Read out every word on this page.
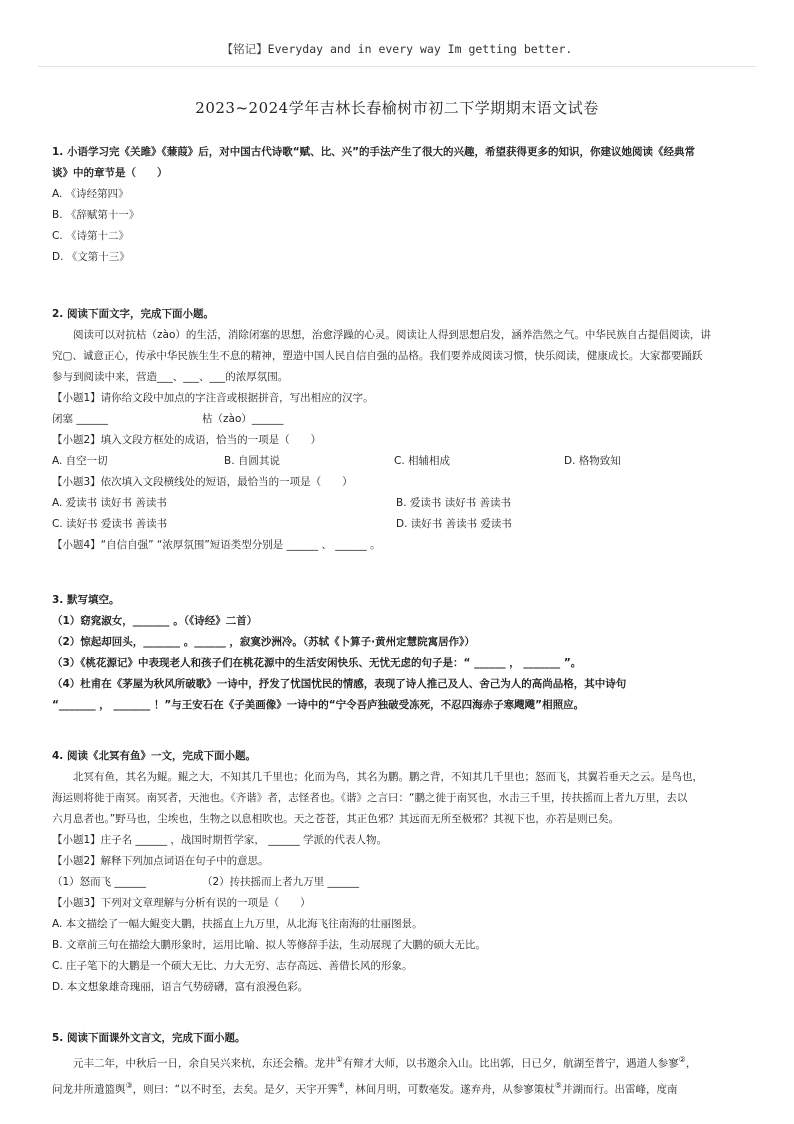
【铭记】Everyday and in every way Im getting better.
2023~2024学年吉林长春榆树市初二下学期期末语文试卷
1. 小语学习完《关雎》《蒹葭》后，对中国古代诗歌“赋、比、兴”的手法产生了很大的兴趣，希望获得更多的知识，你建议她阅读《经典常
谈》中的章节是（　　）
A. 《诗经第四》
B. 《辞赋第十一》
C. 《诗第十二》
D. 《文第十三》
2. 阅读下面文字，完成下面小题。
阅读可以对抗枯（zào）的生活，消除闭塞的思想，治愈浮躁的心灵。阅读让人得到思想启发，涵养浩然之气。中华民族自古提倡阅读，讲
究▢、诚意正心，传承中华民族生生不息的精神，塑造中国人民自信自强的品格。我们要养成阅读习惯，快乐阅读，健康成长。大家都要踊跃
参与到阅读中来，营造___、___、___的浓厚氛围。
【小题1】请你给文段中加点的字注音或根据拼音，写出相应的汉字。
闭塞 ______	枯（zào）______
【小题2】填入文段方框处的成语，恰当的一项是（　　）
A. 自空一切	B. 自圆其说	C. 相辅相成	D. 格物致知
【小题3】依次填入文段横线处的短语，最恰当的一项是（　　）
A. 爱读书 读好书 善读书	B. 爱读书 读好书 善读书
C. 读好书 爱读书 善读书	D. 读好书 善读书 爱读书
【小题4】“自信自强” “浓厚氛围”短语类型分别是 ______ 、 ______ 。
3. 默写填空。
（1）窈窕淑女，_______ 。（《诗经》二首）
（2）惊起却回头，_______ 。______ ，寂寞沙洲冷。（苏轼《卜算子·黄州定慧院寓居作》）
（3）《桃花源记》中表现老人和孩子们在桃花源中的生活安闲快乐、无忧无虑的句子是：“ ______ ， _______ ”。
（4）杜甫在《茅屋为秋风所破歌》一诗中，抒发了忧国忧民的情感，表现了诗人推己及人、舍己为人的高尚品格，其中诗句
“_______ ， _______ ！”与王安石在《子美画像》一诗中的“宁令吾庐独破受冻死，不忍四海赤子寒飕飕”相照应。
4. 阅读《北冥有鱼》一文，完成下面小题。
北冥有鱼，其名为鲲。鲲之大，不知其几千里也；化而为鸟，其名为鹏。鹏之背，不知其几千里也；怒而飞，其翼若垂天之云。是鸟也，
海运则将徙于南冥。南冥者，天池也。《齐谐》者，志怪者也。《谐》之言曰：“鹏之徙于南冥也，水击三千里，抟扶摇而上者九万里，去以
六月息者也。”野马也，尘埃也，生物之以息相吹也。天之苍苍，其正色邪？其远而无所至极邪？其视下也，亦若是则已矣。
【小题1】庄子名 ______ ，战国时期哲学家， ______ 学派的代表人物。
【小题2】解释下列加点词语在句子中的意思。
（1）怒而飞 ______	（2）抟扶摇而上者九万里 ______
【小题3】下列对文章理解与分析有误的一项是（　　）
A. 本文描绘了一幅大鲲变大鹏，扶摇直上九万里，从北海飞往南海的壮丽图景。
B. 文章前三句在描绘大鹏形象时，运用比喻、拟人等修辞手法，生动展现了大鹏的硕大无比。
C. 庄子笔下的大鹏是一个硕大无比、力大无穷、志存高远、善借长风的形象。
D. 本文想象雄奇瑰丽，语言气势磅礴，富有浪漫色彩。
5. 阅读下面课外文言文，完成下面小题。
元丰二年，中秋后一日，余自吴兴来杭，东还会稽。龙井①有辩才大师，以书邀余入山。比出郭，日已夕，航湖至普宁，遇道人参寥②，
问龙井所遣篮舆③，则曰：“以不时至，去矣。是夕，天宇开霁④，林间月明，可数毫发。遂弃舟，从参寥策杖⑤并湖而行。出雷峰，度南
